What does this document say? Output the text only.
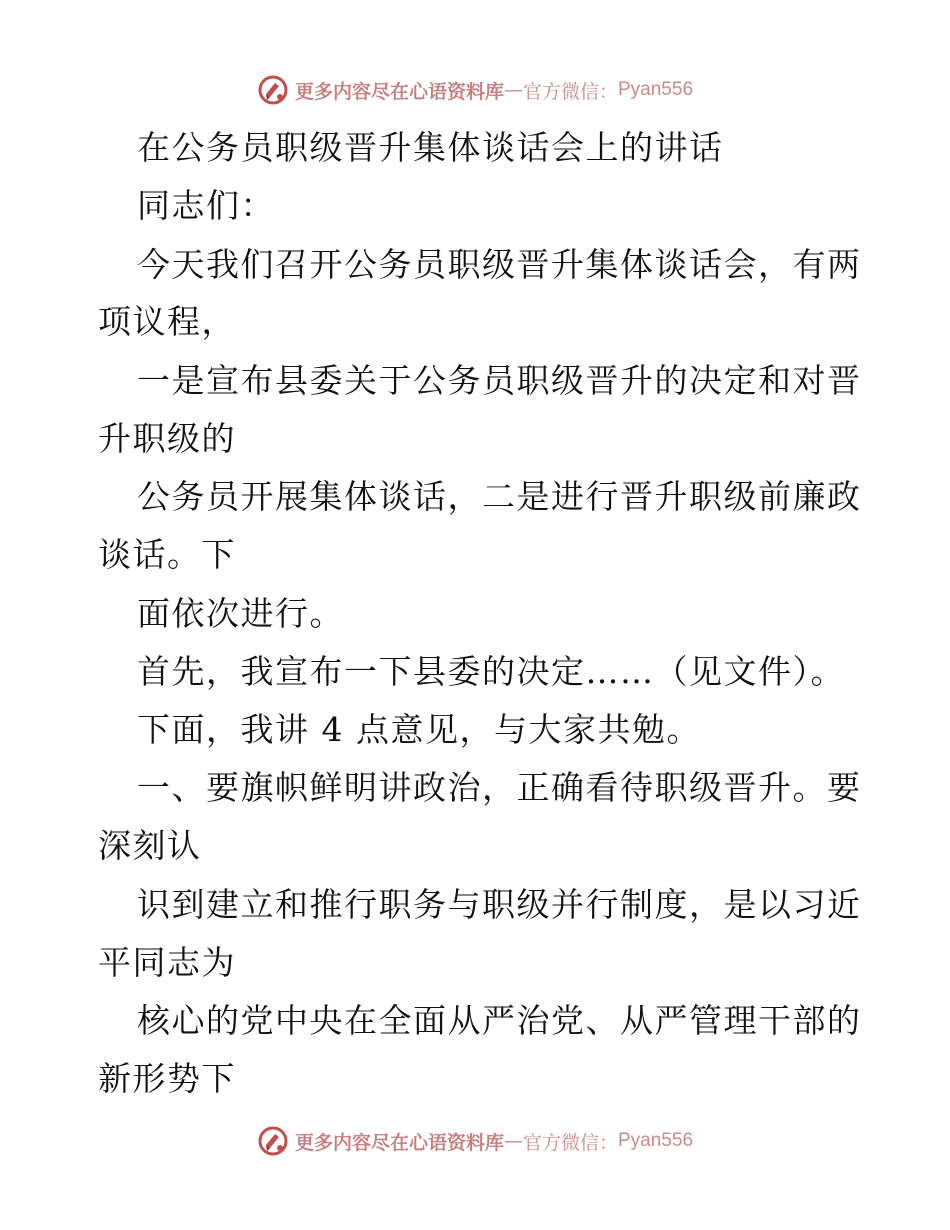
更多内容尽在心语资料库 — 官方微信： Pyan556
在公务员职级晋升集体谈话会上的讲话
同志们：
今天我们召开公务员职级晋升集体谈话会，有两
项议程，
一是宣布县委关于公务员职级晋升的决定和对晋
升职级的
公务员开展集体谈话，二是进行晋升职级前廉政
谈话。下
面依次进行。
首先，我宣布一下县委的决定……（见文件）。
下面，我讲 4 点意见，与大家共勉。
一、要旗帜鲜明讲政治，正确看待职级晋升。要
深刻认
识到建立和推行职务与职级并行制度，是以习近
平同志为
核心的党中央在全面从严治党、从严管理干部的
新形势下
更多内容尽在心语资料库 — 官方微信： Pyan556
